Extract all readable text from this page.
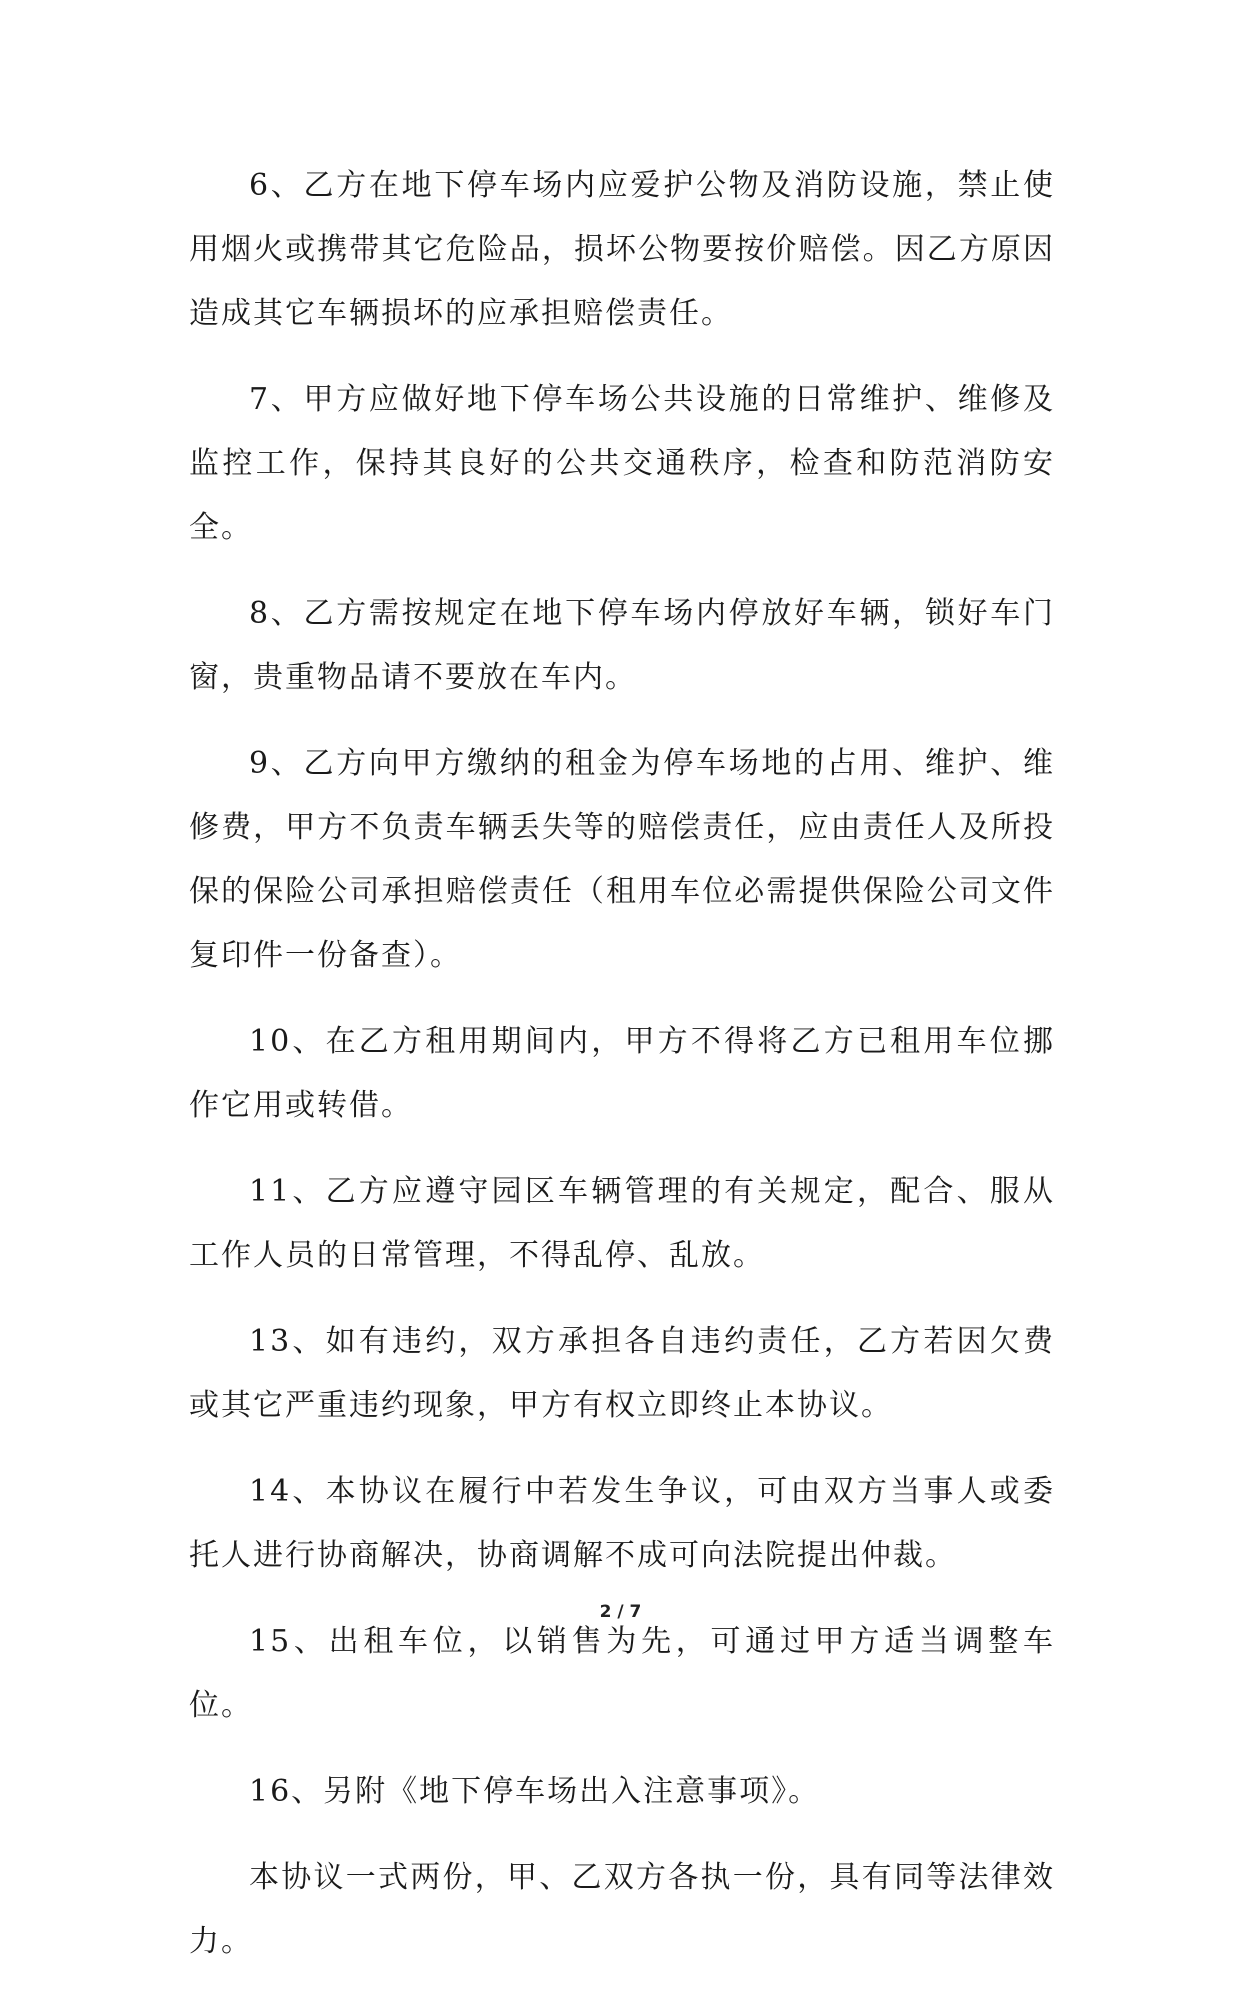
6、乙方在地下停车场内应爱护公物及消防设施，禁止使用烟火或携带其它危险品，损坏公物要按价赔偿。因乙方原因造成其它车辆损坏的应承担赔偿责任。

7、甲方应做好地下停车场公共设施的日常维护、维修及监控工作，保持其良好的公共交通秩序，检查和防范消防安全。

8、乙方需按规定在地下停车场内停放好车辆，锁好车门窗，贵重物品请不要放在车内。

9、乙方向甲方缴纳的租金为停车场地的占用、维护、维修费，甲方不负责车辆丢失等的赔偿责任，应由责任人及所投保的保险公司承担赔偿责任（租用车位必需提供保险公司文件复印件一份备查）。

10、在乙方租用期间内，甲方不得将乙方已租用车位挪作它用或转借。

11、乙方应遵守园区车辆管理的有关规定，配合、服从工作人员的日常管理，不得乱停、乱放。

13、如有违约，双方承担各自违约责任，乙方若因欠费或其它严重违约现象，甲方有权立即终止本协议。

14、本协议在履行中若发生争议，可由双方当事人或委托人进行协商解决，协商调解不成可向法院提出仲裁。

15、出租车位，以销售为先，可通过甲方适当调整车位。

16、另附《地下停车场出入注意事项》。

本协议一式两份，甲、乙双方各执一份，具有同等法律效力。

2 / 7
